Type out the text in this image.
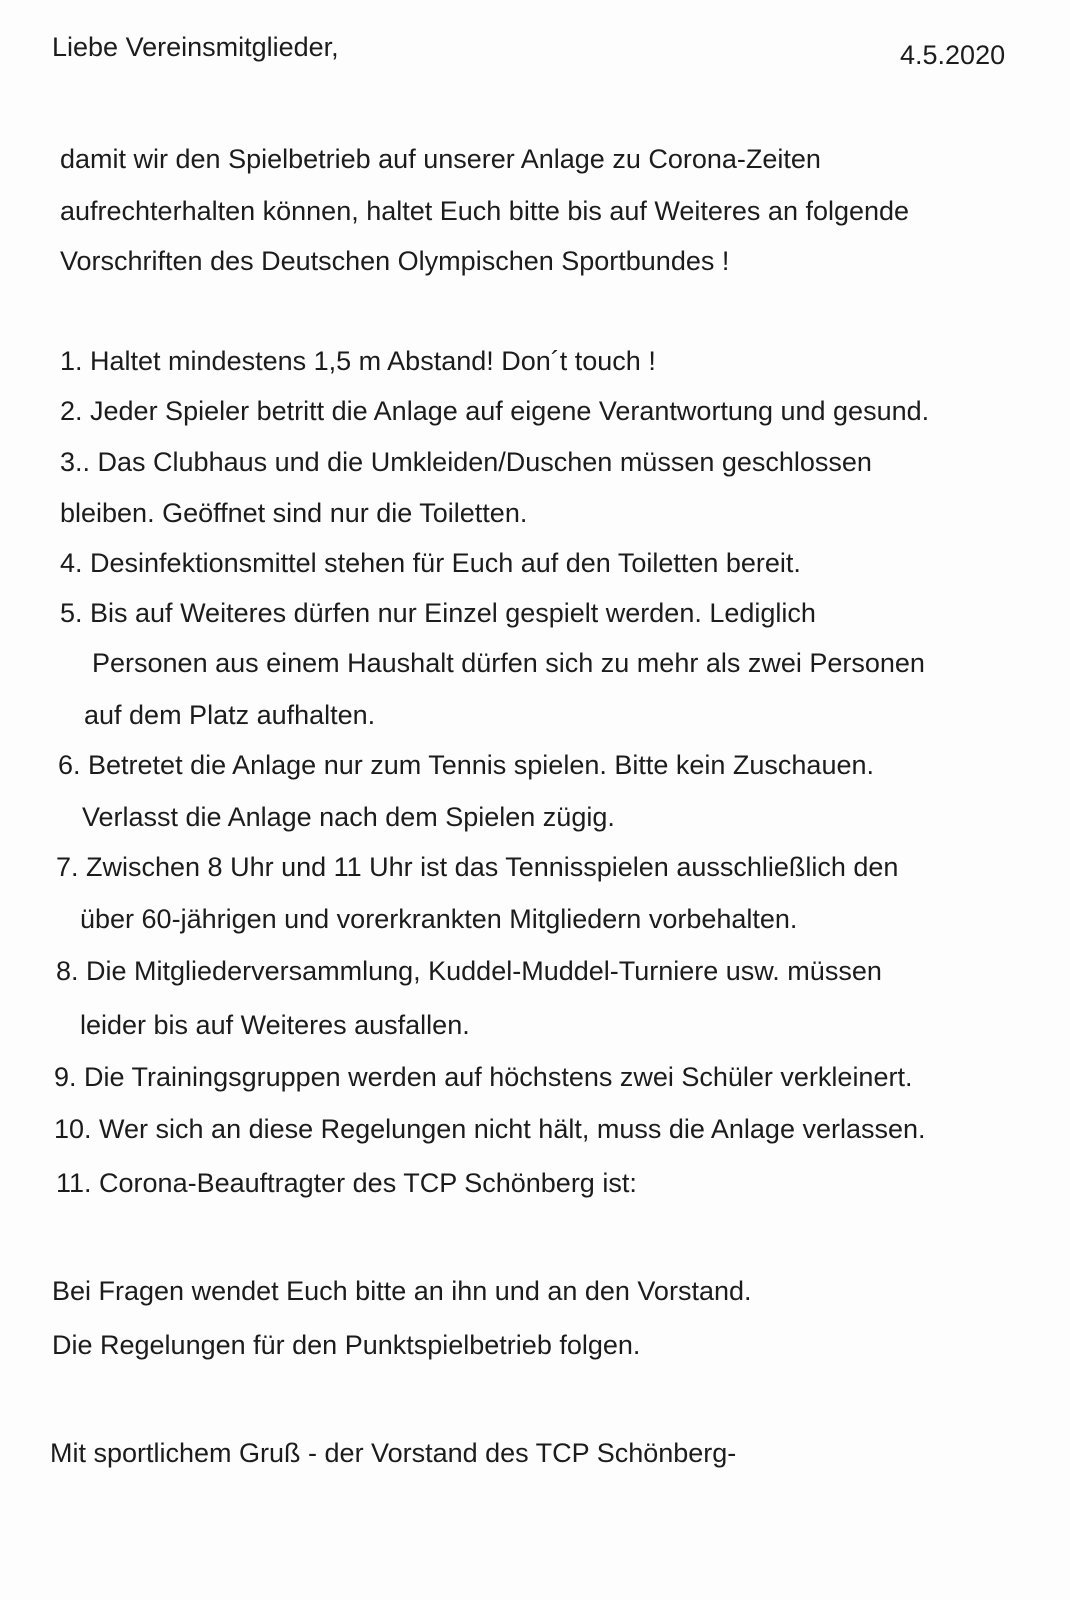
Liebe Vereinsmitglieder,	4.5.2020

damit wir den Spielbetrieb auf unserer Anlage zu Corona-Zeiten

aufrechterhalten können, haltet Euch bitte bis auf Weiteres an folgende

Vorschriften des Deutschen Olympischen Sportbundes !

1. Haltet mindestens 1,5 m Abstand! Don´t touch !

2. Jeder Spieler betritt die Anlage auf eigene Verantwortung und gesund.

3.. Das Clubhaus und die Umkleiden/Duschen müssen geschlossen

bleiben. Geöffnet sind nur die Toiletten.

4. Desinfektionsmittel stehen für Euch auf den Toiletten bereit.

5. Bis auf Weiteres dürfen nur Einzel gespielt werden. Lediglich

Personen aus einem Haushalt dürfen sich zu mehr als zwei Personen

auf dem Platz aufhalten.

6. Betretet die Anlage nur zum Tennis spielen. Bitte kein Zuschauen.

Verlasst die Anlage nach dem Spielen zügig.

7. Zwischen 8 Uhr und 11 Uhr ist das Tennisspielen ausschließlich den

über 60-jährigen und vorerkrankten Mitgliedern vorbehalten.

8. Die Mitgliederversammlung, Kuddel-Muddel-Turniere usw. müssen

leider bis auf Weiteres ausfallen.

9. Die Trainingsgruppen werden auf höchstens zwei Schüler verkleinert.

10. Wer sich an diese Regelungen nicht hält, muss die Anlage verlassen.

11. Corona-Beauftragter des TCP Schönberg ist:

Bei Fragen wendet Euch bitte an ihn und an den Vorstand.

Die Regelungen für den Punktspielbetrieb folgen.

Mit sportlichem Gruß - der Vorstand des TCP Schönberg-
